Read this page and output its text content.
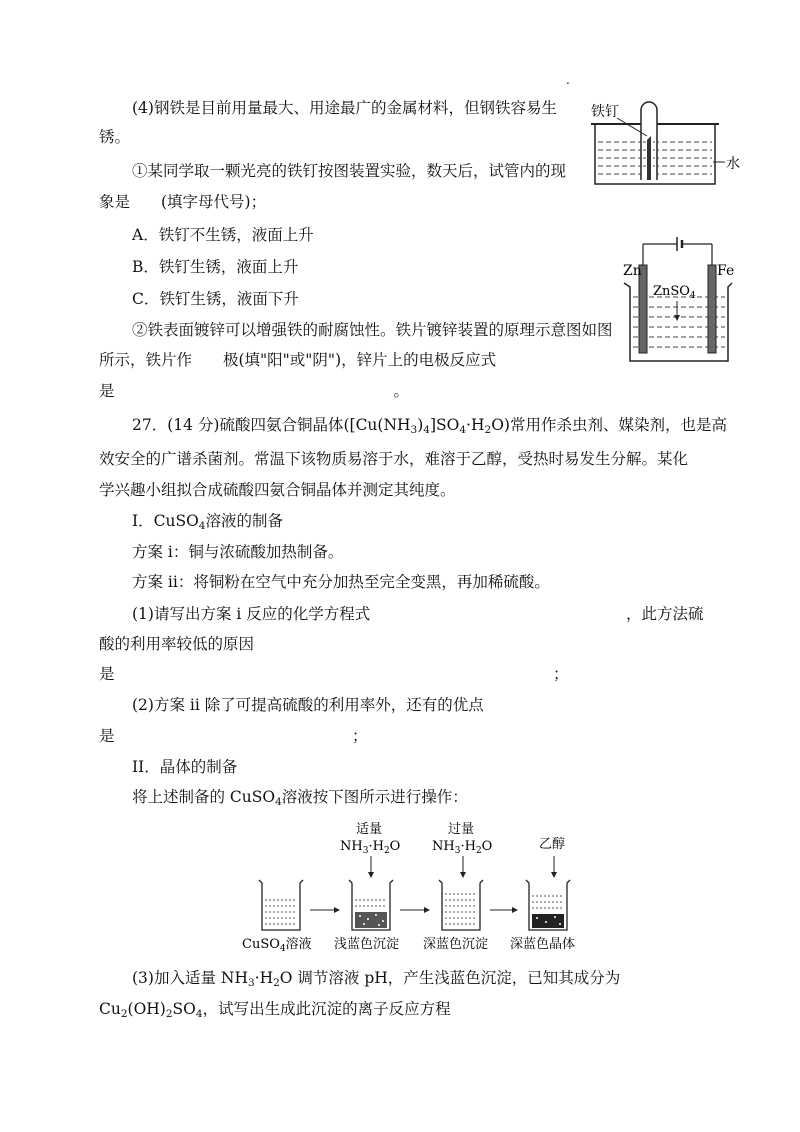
.
(4)钢铁是目前用量最大、用途最广的金属材料，但钢铁容易生
锈。
①某同学取一颗光亮的铁钉按图装置实验，数天后，试管内的现
象是　　(填字母代号)；
A．铁钉不生锈，液面上升
B．铁钉生锈，液面上升
C．铁钉生锈，液面下升
②铁表面镀锌可以增强铁的耐腐蚀性。铁片镀锌装置的原理示意图如图
所示，铁片作　　极(填"阳"或"阴")，锌片上的电极反应式
是　　　　　　　　　　　　　　　　　　。
铁钉
水
Zn	Fe
ZnSO$_4$
27．(14 分)硫酸四氨合铜晶体$([Cu(NH_3)_4]SO_4\cdot H_2O)$常用作杀虫剂、媒染剂，也是高
效安全的广谱杀菌剂。常温下该物质易溶于水，难溶于乙醇，受热时易发生分解。某化
学兴趣小组拟合成硫酸四氨合铜晶体并测定其纯度。
I．CuSO$_4$溶液的制备
方案 i：铜与浓硫酸加热制备。
方案 ii：将铜粉在空气中充分加热至完全变黑，再加稀硫酸。
(1)请写出方案 i 反应的化学方程式	，此方法硫
酸的利用率较低的原因
是	；
(2)方案 ii 除了可提高硫酸的利用率外，还有的优点
是	；
II．晶体的制备
将上述制备的 CuSO$_4$溶液按下图所示进行操作：
适量
$NH_3\cdot H_2O$
过量
$NH_3\cdot H_2O$	乙醇
CuSO$_4$溶液 浅蓝色沉淀 深蓝色沉淀 深蓝色晶体
(3)加入适量 $NH_3\cdot H_2O$ 调节溶液 pH，产生浅蓝色沉淀，已知其成分为
$Cu_2(OH)_2SO_4$，试写出生成此沉淀的离子反应方程
